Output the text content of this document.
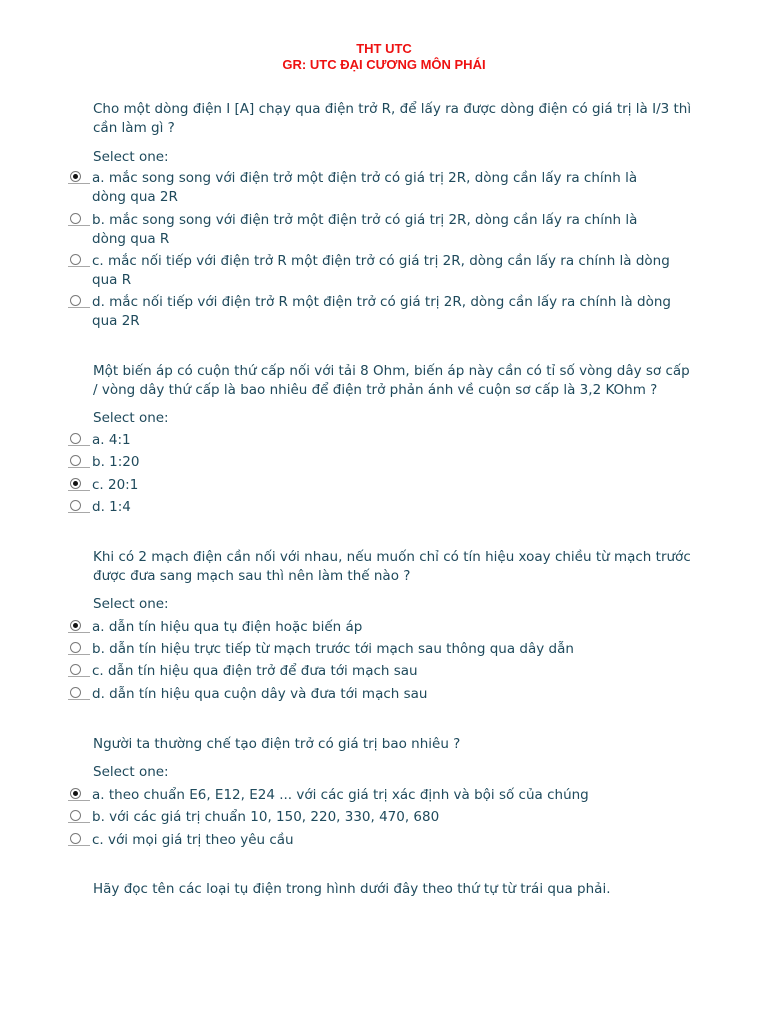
THT UTC
GR: UTC ĐẠI CƯƠNG MÔN PHÁI
Cho một dòng điện I [A] chạy qua điện trở R, để lấy ra được dòng điện có giá trị là I/3 thì cần làm gì ?
Select one:
a. mắc song song với điện trở một điện trở có giá trị 2R, dòng cần lấy ra chính là dòng qua 2R
b. mắc song song với điện trở một điện trở có giá trị 2R, dòng cần lấy ra chính là dòng qua R
c. mắc nối tiếp với điện trở R một điện trở có giá trị 2R, dòng cần lấy ra chính là dòng qua R
d. mắc nối tiếp với điện trở R một điện trở có giá trị 2R, dòng cần lấy ra chính là dòng qua 2R
Một biến áp có cuộn thứ cấp nối với tải 8 Ohm, biến áp này cần có tỉ số vòng dây sơ cấp / vòng dây thứ cấp là bao nhiêu để điện trở phản ánh về cuộn sơ cấp là 3,2 KOhm ?
Select one:
a. 4:1
b. 1:20
c. 20:1
d. 1:4
Khi có 2 mạch điện cần nối với nhau, nếu muốn chỉ có tín hiệu xoay chiều từ mạch trước được đưa sang mạch sau thì nên làm thế nào ?
Select one:
a. dẫn tín hiệu qua tụ điện hoặc biến áp
b. dẫn tín hiệu trực tiếp từ mạch trước tới mạch sau thông qua dây dẫn
c. dẫn tín hiệu qua điện trở để đưa tới mạch sau
d. dẫn tín hiệu qua cuộn dây và đưa tới mạch sau
Người ta thường chế tạo điện trở có giá trị bao nhiêu ?
Select one:
a. theo chuẩn E6, E12, E24 ... với các giá trị xác định và bội số của chúng
b. với các giá trị chuẩn 10, 150, 220, 330, 470, 680
c. với mọi giá trị theo yêu cầu
Hãy đọc tên các loại tụ điện trong hình dưới đây theo thứ tự từ trái qua phải.
